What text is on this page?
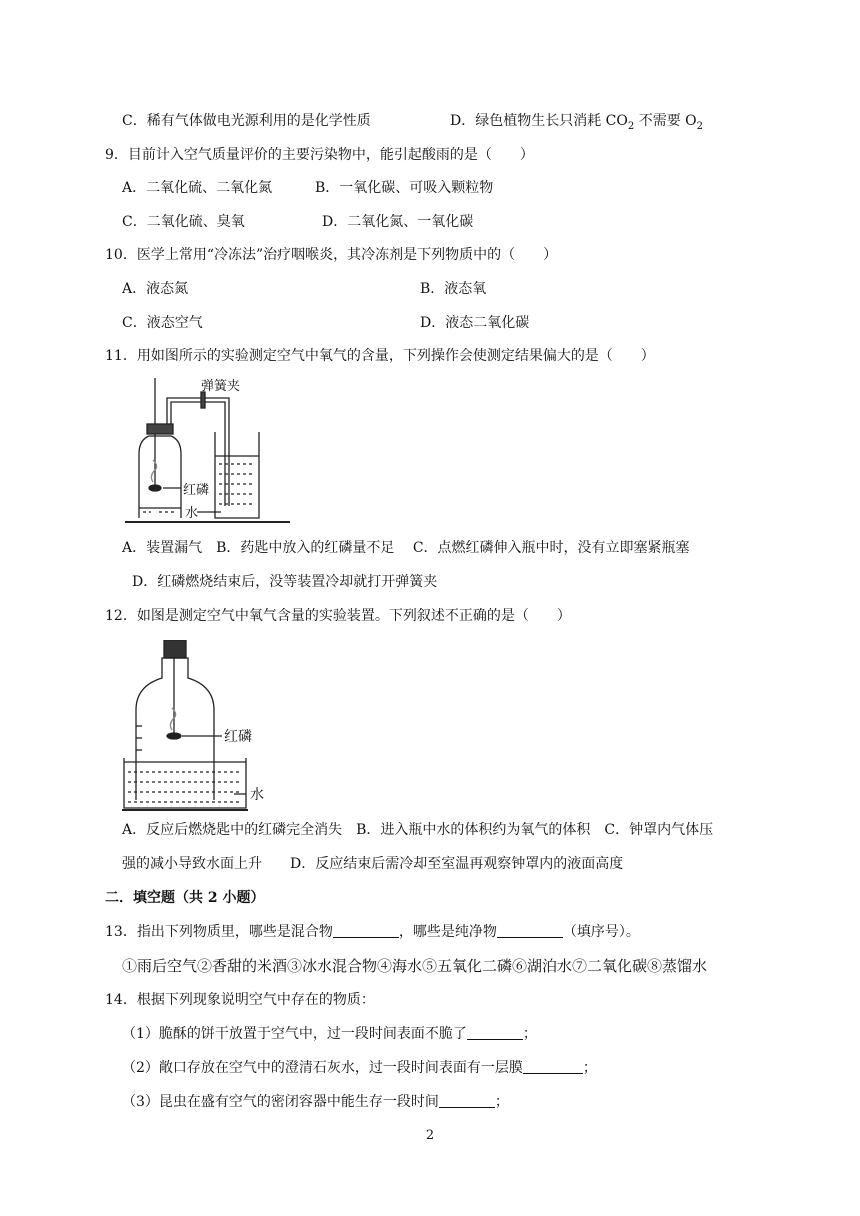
C．稀有气体做电光源利用的是化学性质	D．绿色植物生长只消耗 $CO_2$ 不需要 $O_2$
9．目前计入空气质量评价的主要污染物中，能引起酸雨的是（　　）
A．二氧化硫、二氧化氮	B．一氧化碳、可吸入颗粒物
C．二氧化硫、臭氧	D．二氧化氮、一氧化碳
10．医学上常用“冷冻法”治疗咽喉炎，其冷冻剂是下列物质中的（　　）
A．液态氮	B．液态氧
C．液态空气	D．液态二氧化碳
11．用如图所示的实验测定空气中氧气的含量，下列操作会使测定结果偏大的是（　　）
弹簧夹
红磷
水
A．装置漏气　B．药匙中放入的红磷量不足　 C．点燃红磷伸入瓶中时，没有立即塞紧瓶塞
D．红磷燃烧结束后，没等装置冷却就打开弹簧夹
12．如图是测定空气中氧气含量的实验装置。下列叙述不正确的是（　　）
红磷
水
A．反应后燃烧匙中的红磷完全消失　B．进入瓶中水的体积约为氧气的体积　C．钟罩内气体压
强的减小导致水面上升　　D．反应结束后需冷却至室温再观察钟罩内的液面高度
二．填空题（共 2 小题）
13．指出下列物质里，哪些是混合物	，哪些是纯净物	（填序号）。
①雨后空气②香甜的米酒③冰水混合物④海水⑤五氧化二磷⑥湖泊水⑦二氧化碳⑧蒸馏水
14．根据下列现象说明空气中存在的物质：
（1）脆酥的饼干放置于空气中，过一段时间表面不脆了	；
（2）敞口存放在空气中的澄清石灰水，过一段时间表面有一层膜	；
（3）昆虫在盛有空气的密闭容器中能生存一段时间	；
2
